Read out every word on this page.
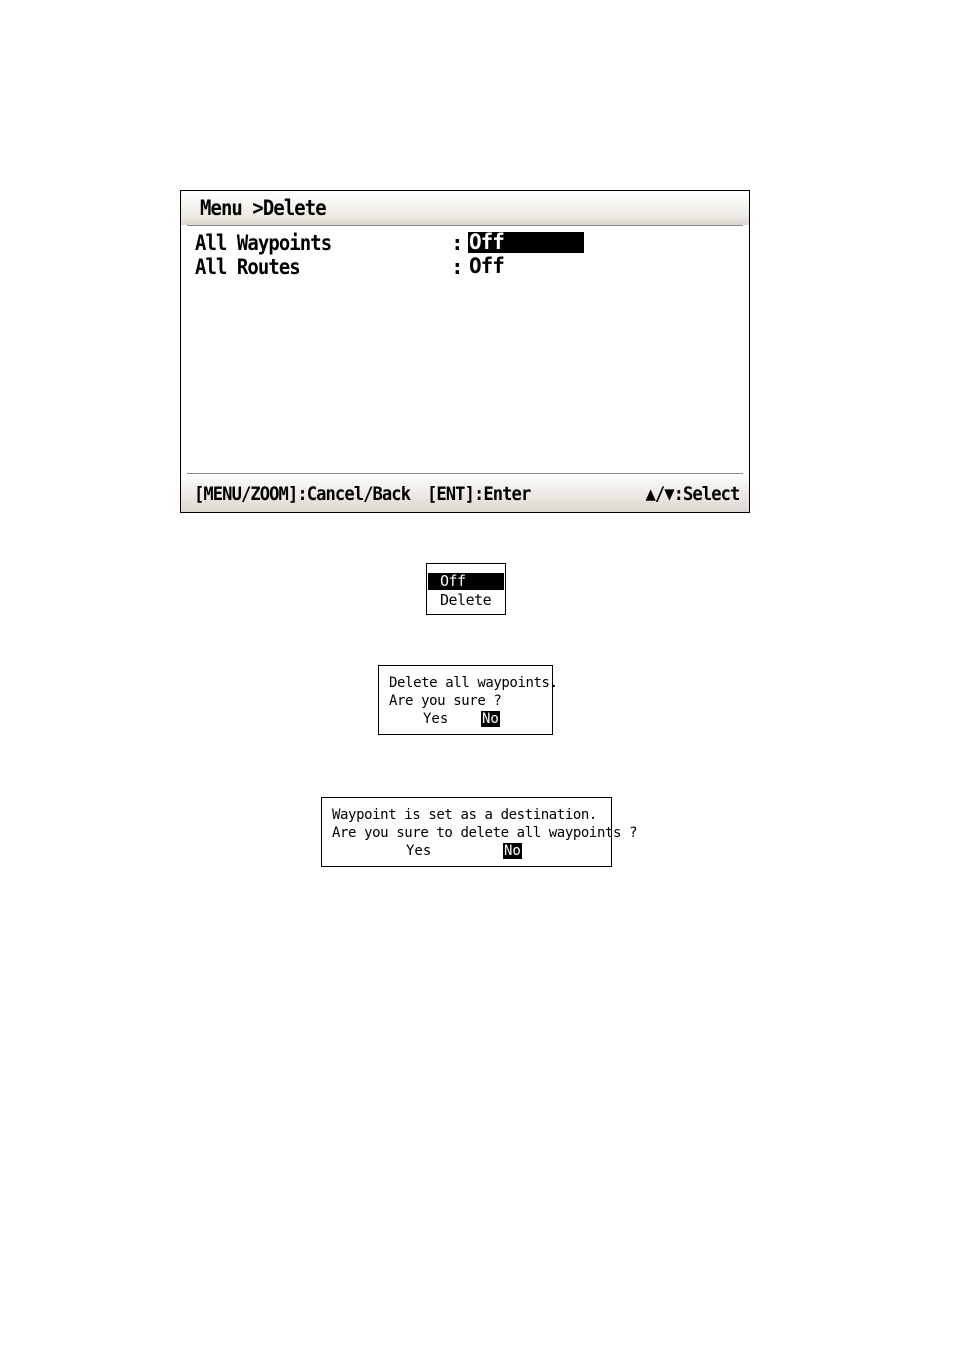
Menu >Delete
All Waypoints	: Off
All Routes	: Off
[MENU/ZOOM]:Cancel/Back [ENT]:Enter	▲/▼:Select
Off
Delete
Delete all waypoints.
Are you sure ?
Yes No
Waypoint is set as a destination.
Are you sure to delete all waypoints ?
Yes	No
